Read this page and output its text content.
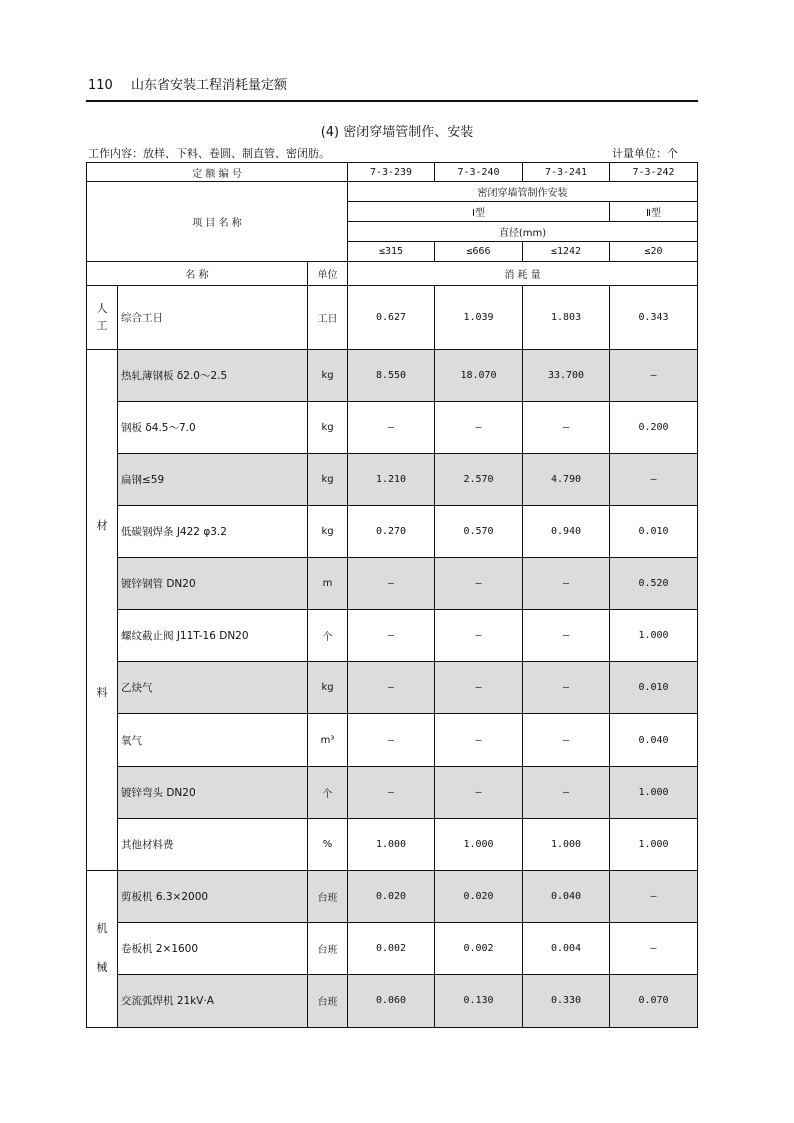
110 山东省安装工程消耗量定额
(4) 密闭穿墙管制作、安装
工作内容：放样、下料、卷圆、制直管、密闭肪。	计量单位：个
定 额 编 号			7-3-239	7-3-240	7-3-241	7-3-242
项 目 名 称			密闭穿墙管制作安装			
			Ⅰ型			Ⅱ型
			直径(mm)			
			≤315	≤666	≤1242	≤20
名 称		单位	消 耗 量			

人
工	综合工日	工日	0.627	1.039	1.803	0.343

材
料	热轧薄钢板 δ2.0～2.5	kg	8.550	18.070	33.700	—
	钢板 δ4.5～7.0	kg	—	—	—	0.200
	扁钢≤59	kg	1.210	2.570	4.790	—
	低碳钢焊条 J422 φ3.2	kg	0.270	0.570	0.940	0.010
	镀锌钢管 DN20	m	—	—	—	0.520
	螺纹截止阀 J11T-16 DN20	个	—	—	—	1.000
	乙炔气	kg	—	—	—	0.010
	氧气	m³	—	—	—	0.040
	镀锌弯头 DN20	个	—	—	—	1.000
	其他材料费	%	1.000	1.000	1.000	1.000

机
械	剪板机 6.3×2000	台班	0.020	0.020	0.040	—
	卷板机 2×1600	台班	0.002	0.002	0.004	—
	交流弧焊机 21kV·A	台班	0.060	0.130	0.330	0.070
